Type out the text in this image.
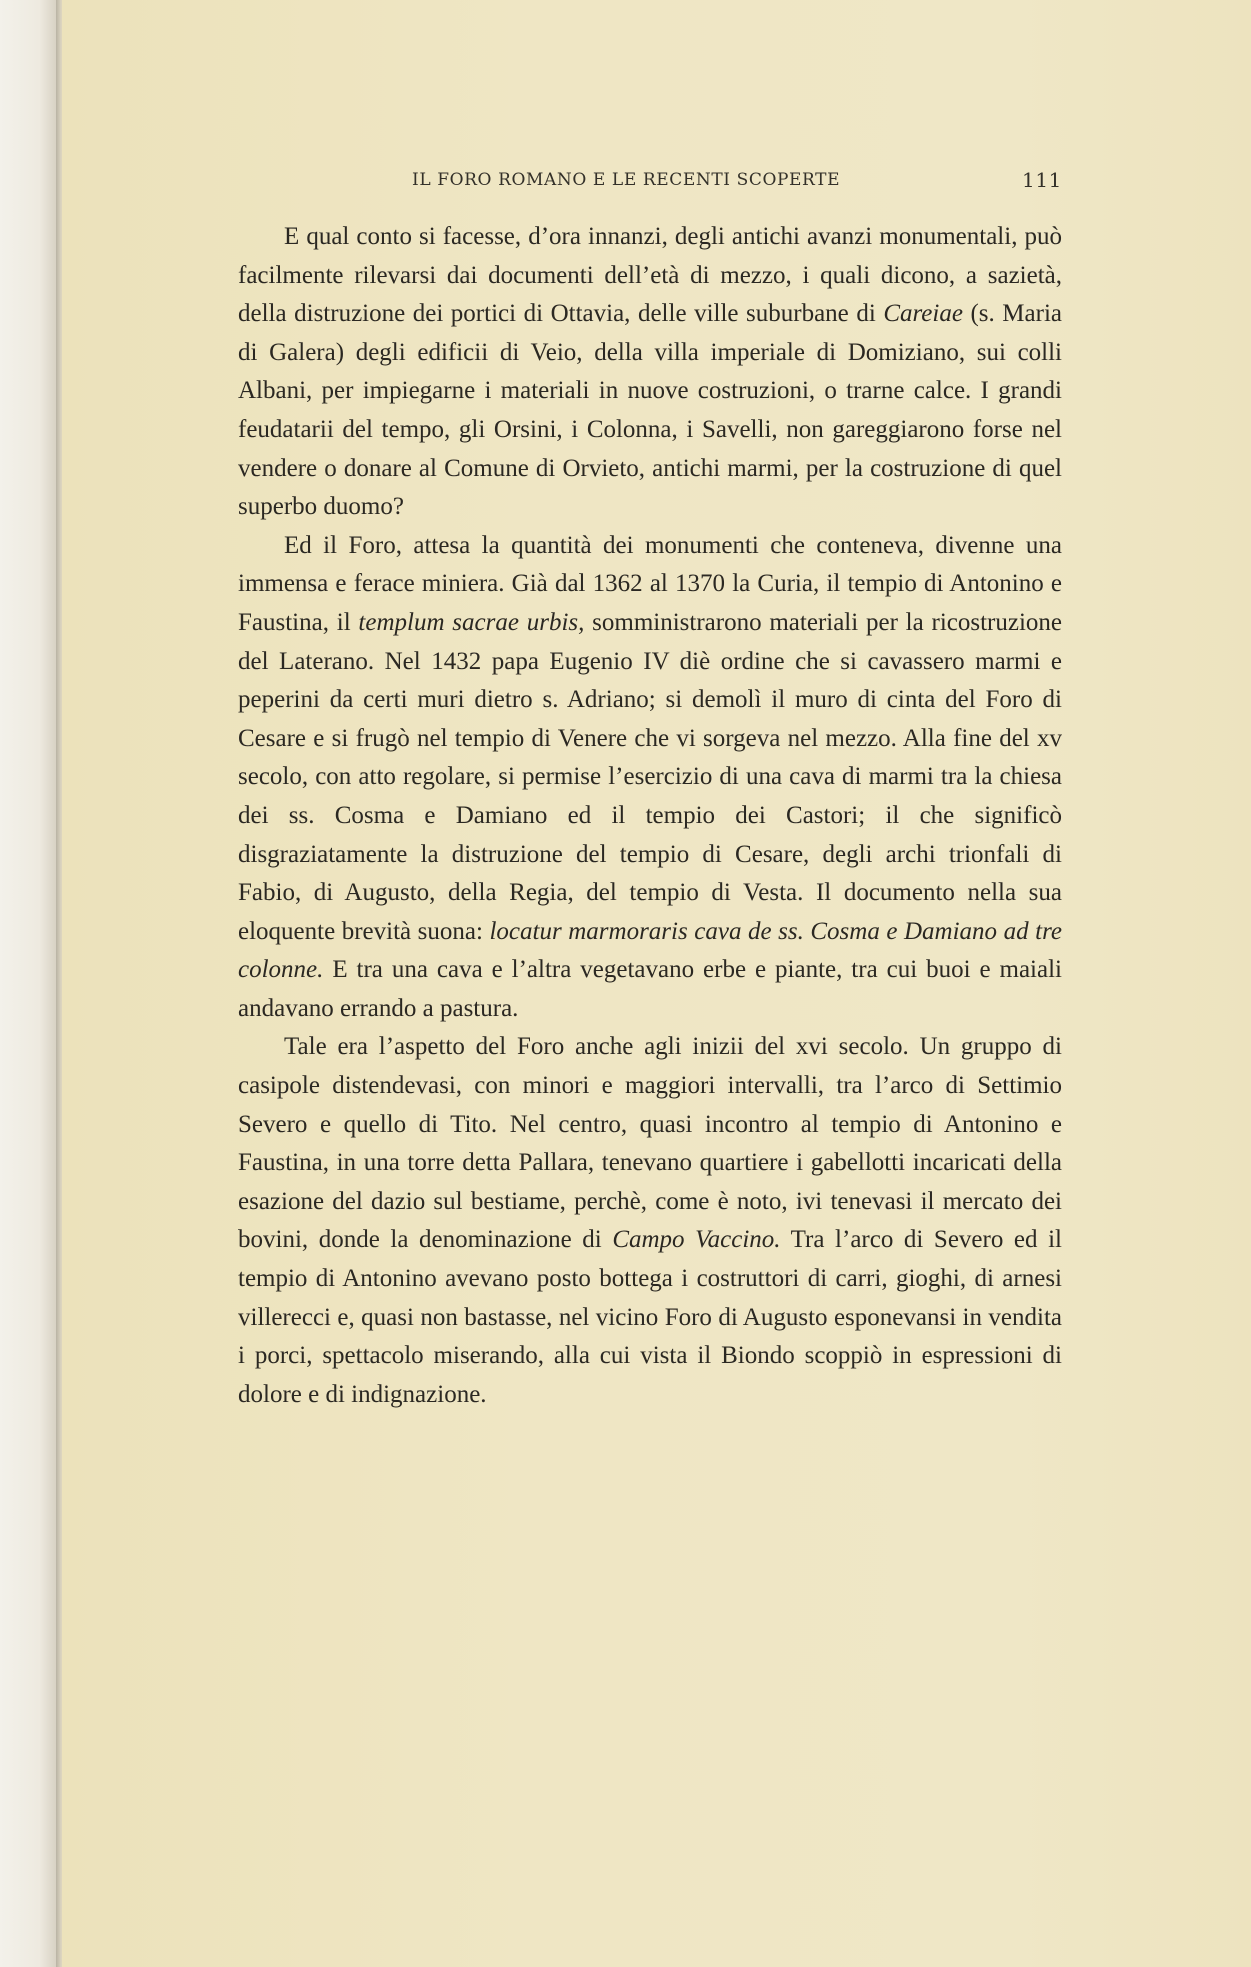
IL FORO ROMANO E LE RECENTI SCOPERTE	111

E qual conto si facesse, d’ora innanzi, degli antichi avanzi monumentali, può facilmente rilevarsi dai documenti dell’età di mezzo, i quali dicono, a sazietà, della distruzione dei portici di Ottavia, delle ville suburbane di Careiae (s. Maria di Galera) degli edificii di Veio, della villa imperiale di Domiziano, sui colli Albani, per impiegarne i materiali in nuove costruzioni, o trarne calce. I grandi feudatarii del tempo, gli Orsini, i Colonna, i Savelli, non gareggiarono forse nel vendere o donare al Comune di Orvieto, antichi marmi, per la costruzione di quel superbo duomo?

Ed il Foro, attesa la quantità dei monumenti che conteneva, divenne una immensa e ferace miniera. Già dal 1362 al 1370 la Curia, il tempio di Antonino e Faustina, il templum sacrae urbis, somministrarono materiali per la ricostruzione del Laterano. Nel 1432 papa Eugenio IV diè ordine che si cavassero marmi e peperini da certi muri dietro s. Adriano; si demolì il muro di cinta del Foro di Cesare e si frugò nel tempio di Venere che vi sorgeva nel mezzo. Alla fine del xv secolo, con atto regolare, si permise l’esercizio di una cava di marmi tra la chiesa dei ss. Cosma e Damiano ed il tempio dei Castori; il che significò disgraziatamente la distruzione del tempio di Cesare, degli archi trionfali di Fabio, di Augusto, della Regia, del tempio di Vesta. Il documento nella sua eloquente brevità suona: locatur marmoraris cava de ss. Cosma e Damiano ad tre colonne. E tra una cava e l’altra vegetavano erbe e piante, tra cui buoi e maiali andavano errando a pastura.

Tale era l’aspetto del Foro anche agli inizii del xvi secolo. Un gruppo di casipole distendevasi, con minori e maggiori intervalli, tra l’arco di Settimio Severo e quello di Tito. Nel centro, quasi incontro al tempio di Antonino e Faustina, in una torre detta Pallara, tenevano quartiere i gabellotti incaricati della esazione del dazio sul bestiame, perchè, come è noto, ivi tenevasi il mercato dei bovini, donde la denominazione di Campo Vaccino. Tra l’arco di Severo ed il tempio di Antonino avevano posto bottega i costruttori di carri, gioghi, di arnesi villerecci e, quasi non bastasse, nel vicino Foro di Augusto esponevansi in vendita i porci, spettacolo miserando, alla cui vista il Biondo scoppiò in espressioni di dolore e di indignazione.
